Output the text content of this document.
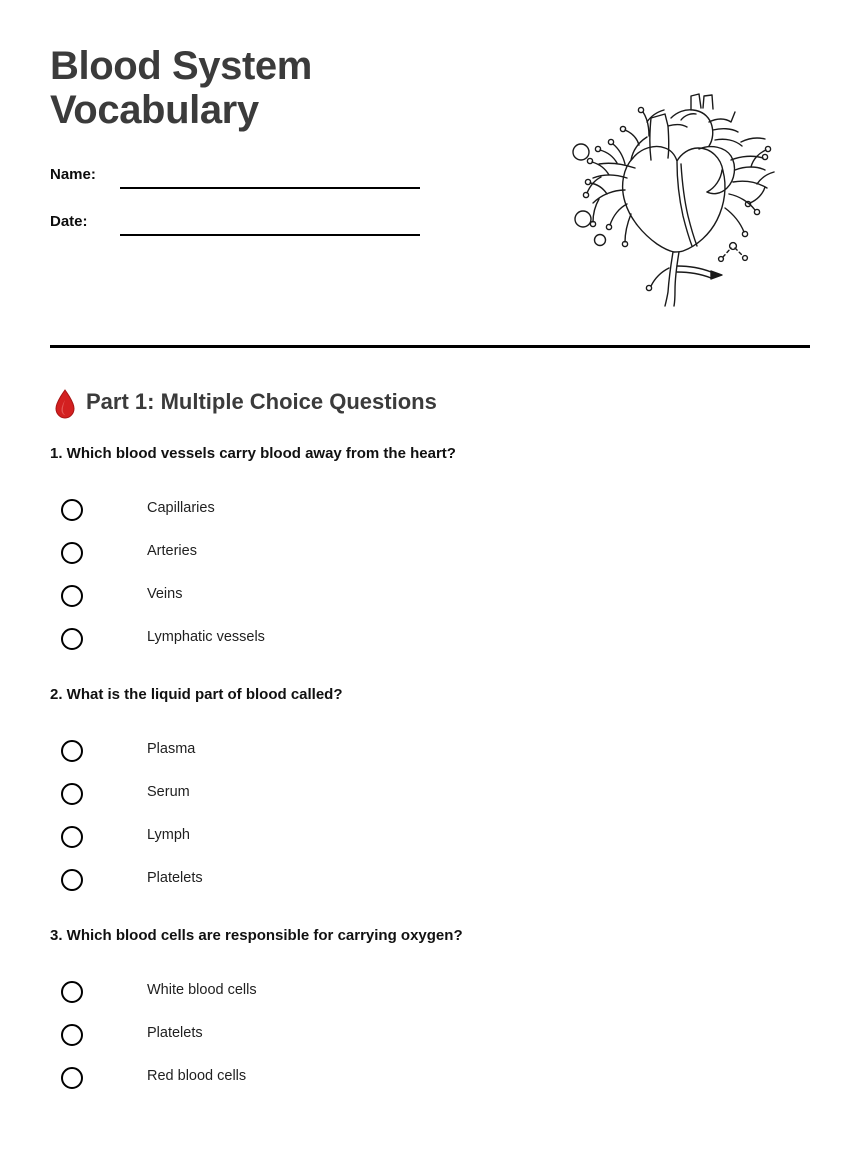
Blood System Vocabulary
Name:
Date:
Part 1: Multiple Choice Questions

1. Which blood vessels carry blood away from the heart?

Capillaries
Arteries
Veins
Lymphatic vessels

2. What is the liquid part of blood called?

Plasma
Serum
Lymph
Platelets

3. Which blood cells are responsible for carrying oxygen?

White blood cells
Platelets
Red blood cells
